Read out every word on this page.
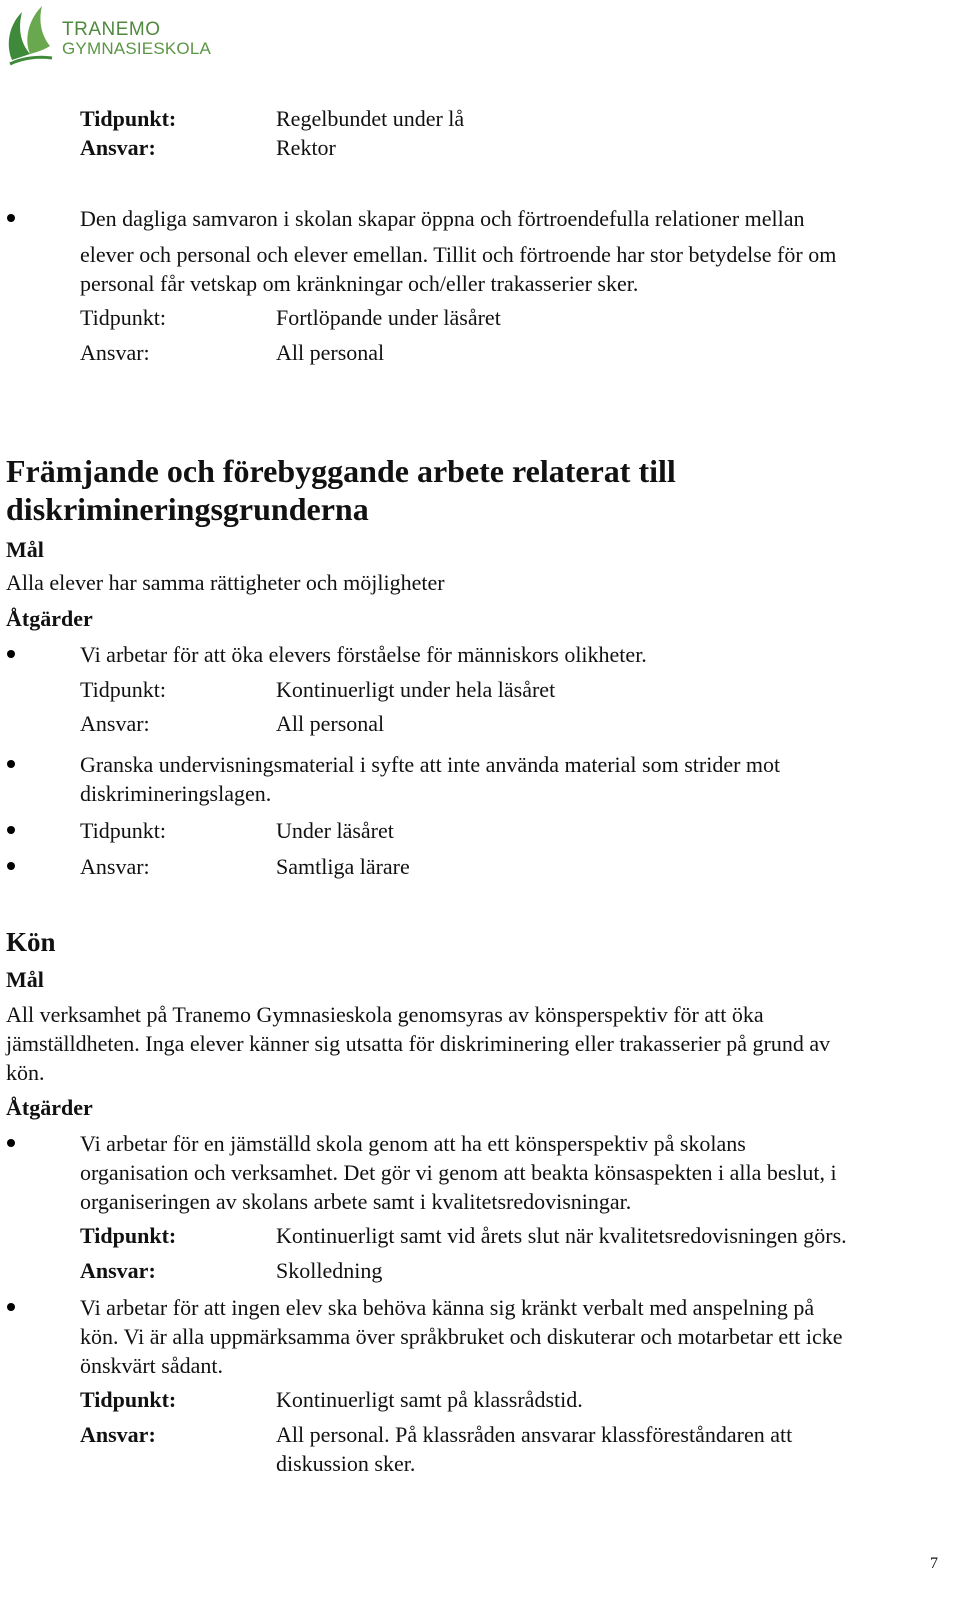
TRANEMO
GYMNASIESKOLA
Tidpunkt:	Regelbundet under lå
Ansvar:	Rektor
Den dagliga samvaron i skolan skapar öppna och förtroendefulla relationer mellan
elever och personal och elever emellan. Tillit och förtroende har stor betydelse för om
personal får vetskap om kränkningar och/eller trakasserier sker.
Tidpunkt:	Fortlöpande under läsåret
Ansvar:	All personal
Främjande och förebyggande arbete relaterat till
diskrimineringsgrunderna
Mål
Alla elever har samma rättigheter och möjligheter
Åtgärder
Vi arbetar för att öka elevers förståelse för människors olikheter.
Tidpunkt:	Kontinuerligt under hela läsåret
Ansvar:	All personal
Granska undervisningsmaterial i syfte att inte använda material som strider mot
diskrimineringslagen.
Tidpunkt:	Under läsåret
Ansvar:	Samtliga lärare
Kön
Mål
All verksamhet på Tranemo Gymnasieskola genomsyras av könsperspektiv för att öka
jämställdheten. Inga elever känner sig utsatta för diskriminering eller trakasserier på grund av
kön.
Åtgärder
Vi arbetar för en jämställd skola genom att ha ett könsperspektiv på skolans
organisation och verksamhet. Det gör vi genom att beakta könsaspekten i alla beslut, i
organiseringen av skolans arbete samt i kvalitetsredovisningar.
Tidpunkt:	Kontinuerligt samt vid årets slut när kvalitetsredovisningen görs.
Ansvar:	Skolledning
Vi arbetar för att ingen elev ska behöva känna sig kränkt verbalt med anspelning på
kön. Vi är alla uppmärksamma över språkbruket och diskuterar och motarbetar ett icke
önskvärt sådant.
Tidpunkt:	Kontinuerligt samt på klassrådstid.
Ansvar:	All personal. På klassråden ansvarar klassföreståndaren att
diskussion sker.
7
